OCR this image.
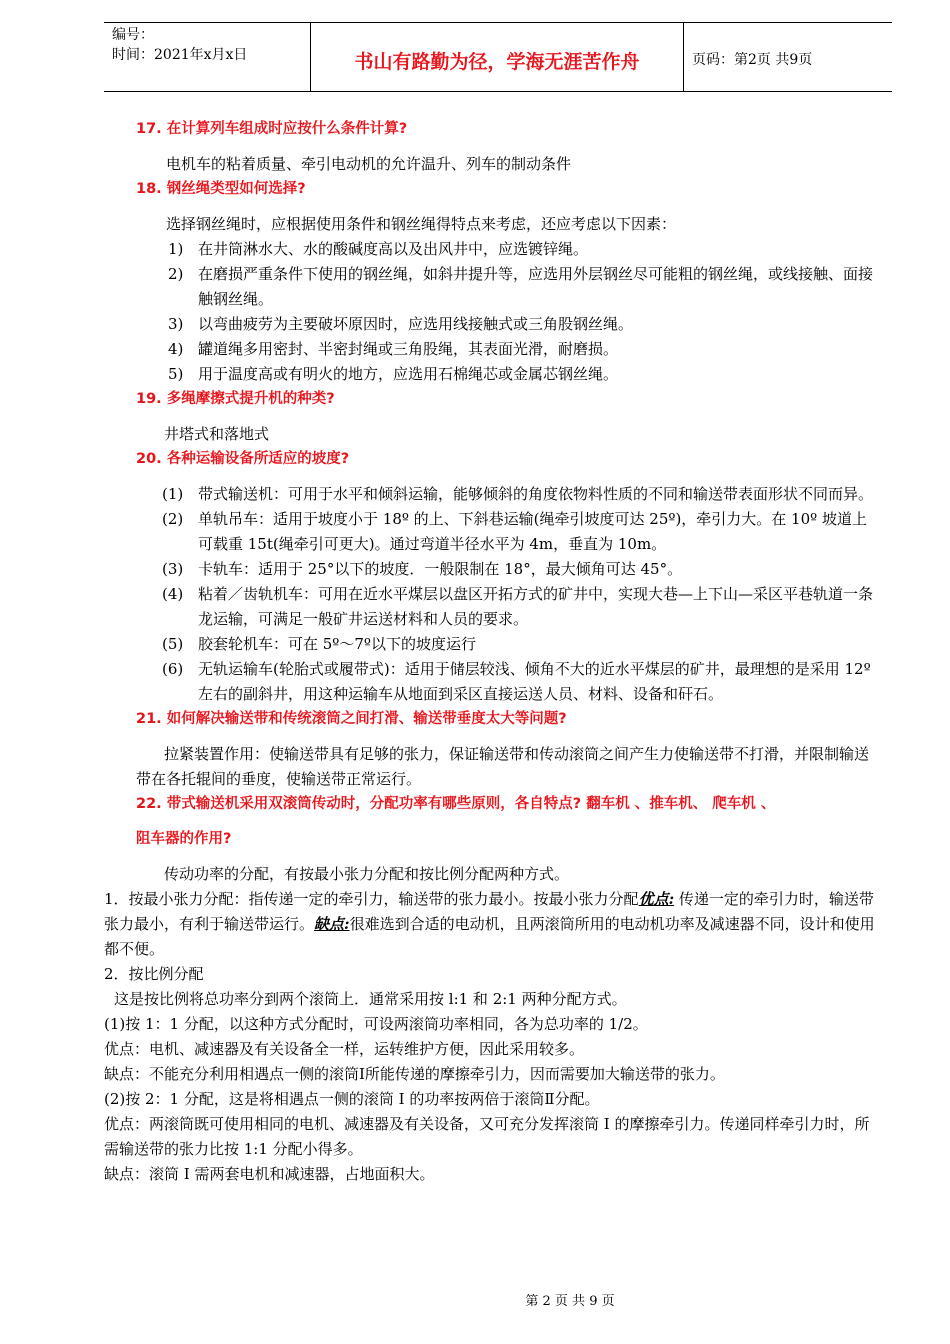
编号：
时间：2021年x月x日	书山有路勤为径，学海无涯苦作舟	页码：第2页 共9页
17. 在计算列车组成时应按什么条件计算?
电机车的粘着质量、牵引电动机的允许温升、列车的制动条件
18. 钢丝绳类型如何选择?
选择钢丝绳时，应根据使用条件和钢丝绳得特点来考虑，还应考虑以下因素：
1) 在井筒淋水大、水的酸碱度高以及出风井中，应选镀锌绳。
2) 在磨损严重条件下使用的钢丝绳，如斜井提升等，应选用外层钢丝尽可能粗的钢丝绳，或线接触、面接触钢丝绳。
3) 以弯曲疲劳为主要破坏原因时，应选用线接触式或三角股钢丝绳。
4) 罐道绳多用密封、半密封绳或三角股绳，其表面光滑，耐磨损。
5) 用于温度高或有明火的地方，应选用石棉绳芯或金属芯钢丝绳。
19. 多绳摩擦式提升机的种类?
井塔式和落地式
20. 各种运输设备所适应的坡度?
(1) 带式输送机：可用于水平和倾斜运输，能够倾斜的角度依物料性质的不同和输送带表面形状不同而异。
(2) 单轨吊车：适用于坡度小于 18º 的上、下斜巷运输(绳牵引坡度可达 25º)，牵引力大。在 10º 坡道上可载重 15t(绳牵引可更大)。通过弯道半径水平为 4m，垂直为 10m。
(3) 卡轨车：适用于 25°以下的坡度．一般限制在 18°，最大倾角可达 45°。
(4) 粘着／齿轨机车：可用在近水平煤层以盘区开拓方式的矿井中，实现大巷—上下山—采区平巷轨道一条龙运输，可满足一般矿井运送材料和人员的要求。
(5) 胶套轮机车：可在 5º～7º以下的坡度运行
(6) 无轨运输车(轮胎式或履带式)：适用于储层较浅、倾角不大的近水平煤层的矿井，最理想的是采用 12º 左右的副斜井，用这种运输车从地面到采区直接运送人员、材料、设备和矸石。
21. 如何解决输送带和传统滚筒之间打滑、输送带垂度太大等问题?
拉紧装置作用：使输送带具有足够的张力，保证输送带和传动滚筒之间产生力使输送带不打滑，并限制输送带在各托辊间的垂度，使输送带正常运行。
22. 带式输送机采用双滚筒传动时，分配功率有哪些原则，各自特点? 翻车机 、推车机、 爬车机 、
阻车器的作用?
传动功率的分配，有按最小张力分配和按比例分配两种方式。
1．按最小张力分配：指传递一定的牵引力，输送带的张力最小。按最小张力分配优点: 传递一定的牵引力时，输送带张力最小，有利于输送带运行。缺点:很难选到合适的电动机，且两滚筒所用的电动机功率及减速器不同，设计和使用都不便。
2．按比例分配
这是按比例将总功率分到两个滚筒上．通常采用按 l:1 和 2:1 两种分配方式。
(1)按 1：1 分配，以这种方式分配时，可设两滚筒功率相同，各为总功率的 1/2。
优点：电机、减速器及有关设备全一样，运转维护方便，因此采用较多。
缺点：不能充分利用相遇点一侧的滚筒Ⅰ所能传递的摩擦牵引力，因而需要加大输送带的张力。
(2)按 2：1 分配，这是将相遇点一侧的滚筒 I 的功率按两倍于滚筒Ⅱ分配。
优点：两滚筒既可使用相同的电机、减速器及有关设备，又可充分发挥滚筒 I 的摩擦牵引力。传递同样牵引力时，所需输送带的张力比按 1:1 分配小得多。
缺点：滚筒 I 需两套电机和减速器，占地面积大。
第 2 页 共 9 页
